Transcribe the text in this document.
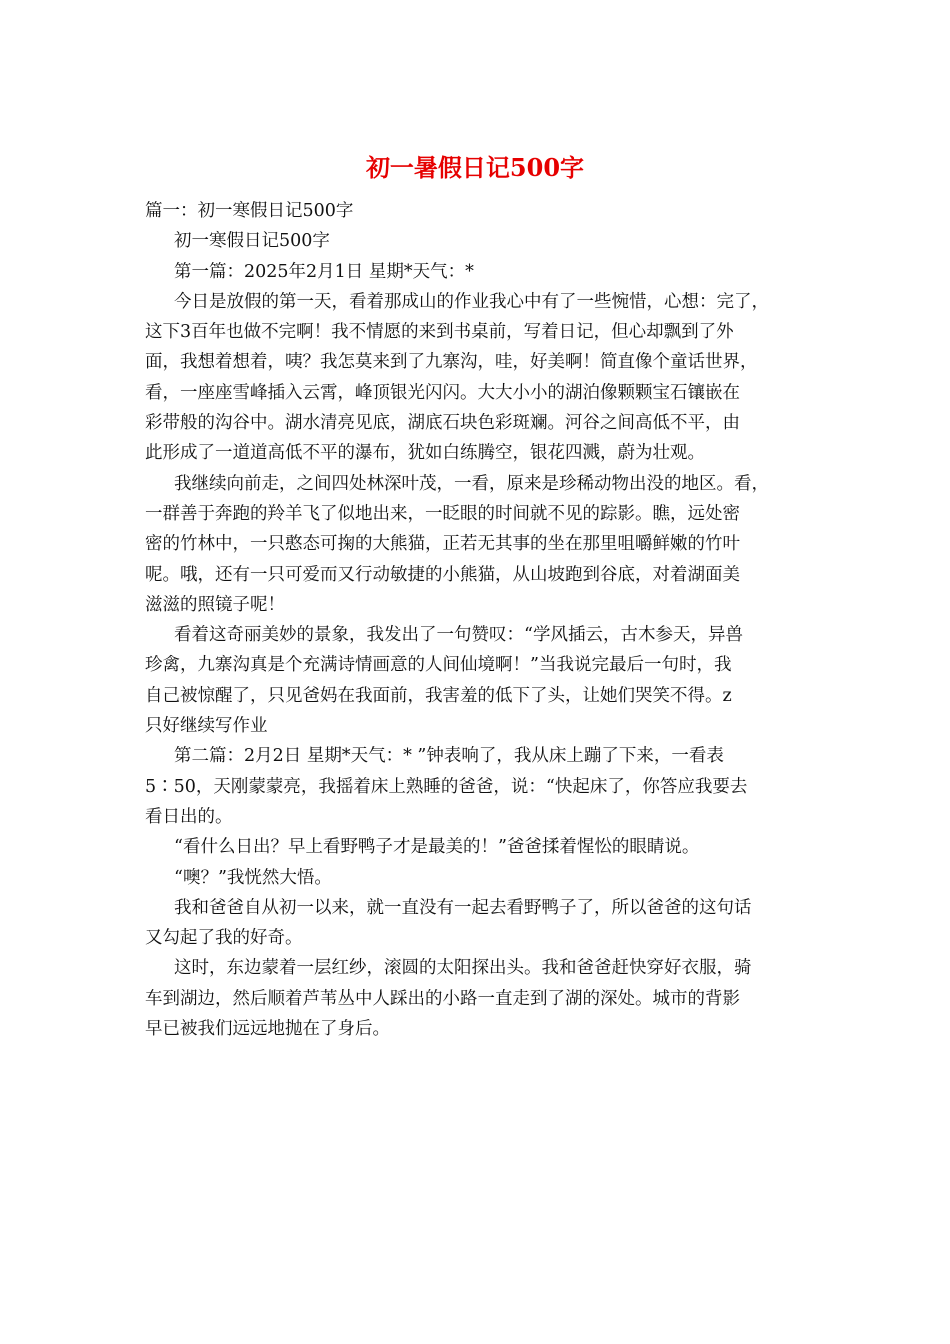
初一暑假日记500字
篇一：初一寒假日记500字
初一寒假日记500字
第一篇：2025年2月1日 星期*天气：*
今日是放假的第一天，看着那成山的作业我心中有了一些惋惜，心想：完了，
这下3百年也做不完啊！我不情愿的来到书桌前，写着日记，但心却飘到了外
面，我想着想着，咦？我怎莫来到了九寨沟，哇，好美啊！简直像个童话世界，
看，一座座雪峰插入云霄，峰顶银光闪闪。大大小小的湖泊像颗颗宝石镶嵌在
彩带般的沟谷中。湖水清亮见底，湖底石块色彩斑斓。河谷之间高低不平，由
此形成了一道道高低不平的瀑布，犹如白练腾空，银花四溅，蔚为壮观。
我继续向前走，之间四处林深叶茂，一看，原来是珍稀动物出没的地区。看，
一群善于奔跑的羚羊飞了似地出来，一眨眼的时间就不见的踪影。瞧，远处密
密的竹林中，一只憨态可掬的大熊猫，正若无其事的坐在那里咀嚼鲜嫩的竹叶
呢。哦，还有一只可爱而又行动敏捷的小熊猫，从山坡跑到谷底，对着湖面美
滋滋的照镜子呢！
看着这奇丽美妙的景象，我发出了一句赞叹：“学风插云，古木参天，异兽
珍禽，九寨沟真是个充满诗情画意的人间仙境啊！”当我说完最后一句时，我
自己被惊醒了，只见爸妈在我面前，我害羞的低下了头，让她们哭笑不得。z
只好继续写作业
第二篇：2月2日 星期*天气：* ”钟表响了，我从床上蹦了下来，一看表
5∶50，天刚蒙蒙亮，我摇着床上熟睡的爸爸，说：“快起床了，你答应我要去
看日出的。
“看什么日出？早上看野鸭子才是最美的！”爸爸揉着惺忪的眼睛说。
“噢？”我恍然大悟。
我和爸爸自从初一以来，就一直没有一起去看野鸭子了，所以爸爸的这句话
又勾起了我的好奇。
这时，东边蒙着一层红纱，滚圆的太阳探出头。我和爸爸赶快穿好衣服，骑
车到湖边，然后顺着芦苇丛中人踩出的小路一直走到了湖的深处。城市的背影
早已被我们远远地抛在了身后。
